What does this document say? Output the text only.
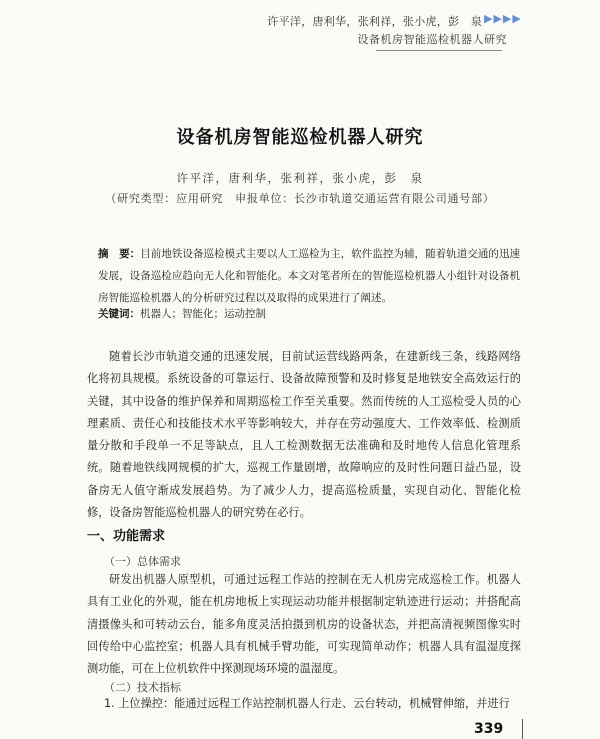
许平洋，唐利华，张利祥，张小虎，彭　泉 ▶▶▶▶
设备机房智能巡检机器人研究
设备机房智能巡检机器人研究
许平洋，唐利华，张利祥，张小虎，彭　泉
（研究类型：应用研究　申报单位：长沙市轨道交通运营有限公司通号部）
摘　要：目前地铁设备巡检模式主要以人工巡检为主，软件监控为辅，随着轨道交通的迅速发展，设备巡检应趋向无人化和智能化。本文对笔者所在的智能巡检机器人小组针对设备机房智能巡检机器人的分析研究过程以及取得的成果进行了阐述。
关键词：机器人；智能化；运动控制
随着长沙市轨道交通的迅速发展，目前试运营线路两条，在建新线三条，线路网络化将初具规模。系统设备的可靠运行、设备故障预警和及时修复是地铁安全高效运行的关键，其中设备的维护保养和周期巡检工作至关重要。然而传统的人工巡检受人员的心理素质、责任心和技能技术水平等影响较大，并存在劳动强度大、工作效率低、检测质量分散和手段单一不足等缺点，且人工检测数据无法准确和及时地传人信息化管理系统。随着地铁线网规模的扩大，巡视工作量剧增，故障响应的及时性问题日益凸显，设备房无人值守渐成发展趋势。为了减少人力，提高巡检质量，实现自动化、智能化检修，设备房智能巡检机器人的研究势在必行。
一、功能需求
（一）总体需求
研发出机器人原型机，可通过远程工作站的控制在无人机房完成巡检工作。机器人具有工业化的外观，能在机房地板上实现运动功能并根据制定轨迹进行运动；并搭配高清摄像头和可转动云台，能多角度灵活拍摄到机房的设备状态，并把高清视频图像实时回传给中心监控室；机器人具有机械手臂功能，可实现简单动作；机器人具有温湿度探测功能，可在上位机软件中探测现场环境的温湿度。
（二）技术指标
1. 上位操控：能通过远程工作站控制机器人行走、云台转动，机械臂伸缩，并进行
339
